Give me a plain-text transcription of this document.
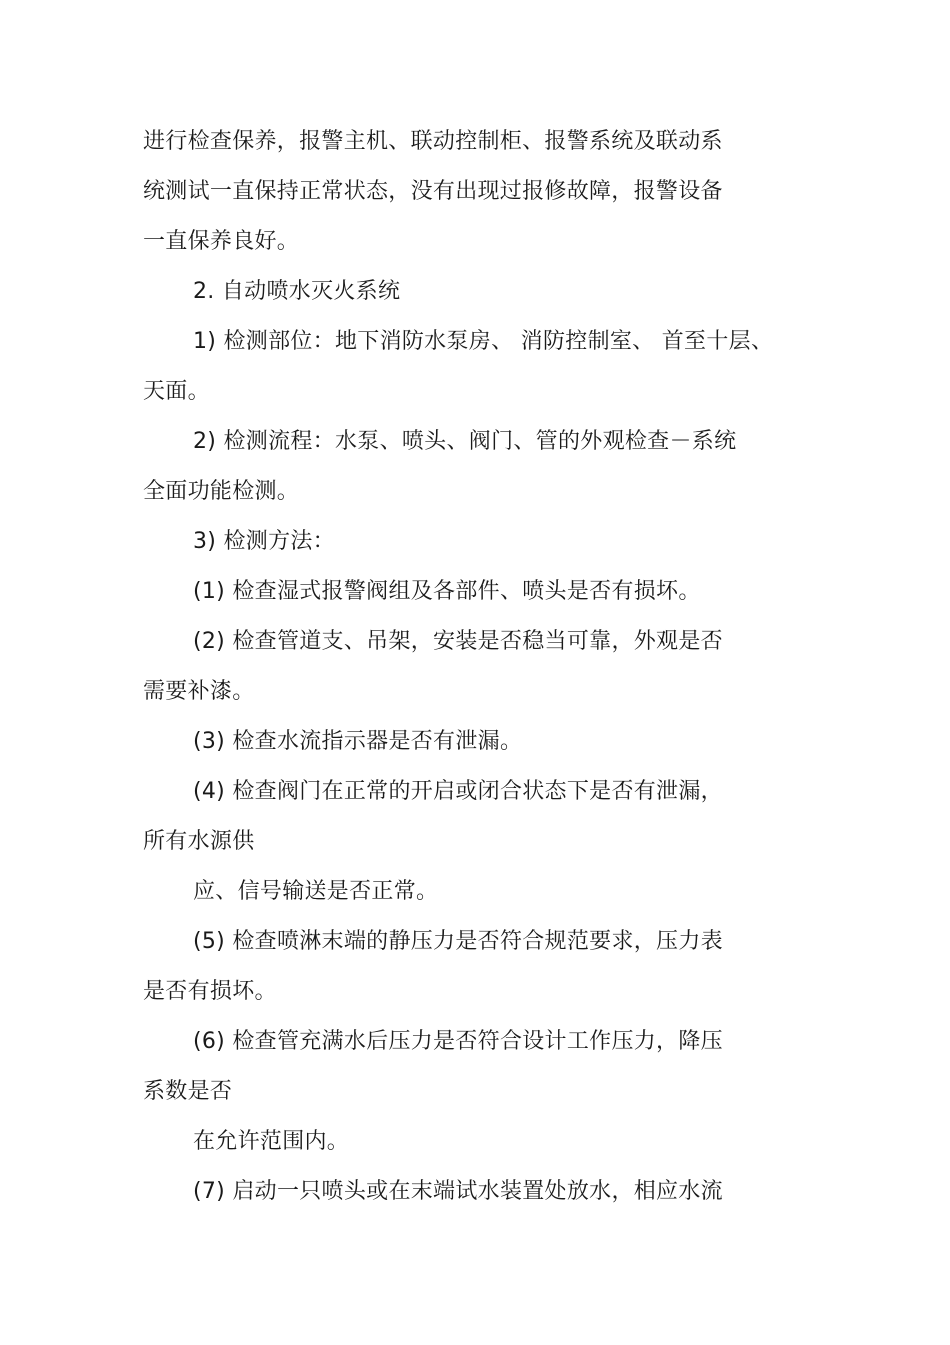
进行检查保养，报警主机、联动控制柜、报警系统及联动系
统测试一直保持正常状态，没有出现过报修故障，报警设备
一直保养良好。
2. 自动喷水灭火系统
1) 检测部位：地下消防水泵房、 消防控制室、 首至十层、
天面。
2) 检测流程：水泵、喷头、阀门、管的外观检查－系统
全面功能检测。
3) 检测方法：
(1) 检查湿式报警阀组及各部件、喷头是否有损坏。
(2) 检查管道支、吊架，安装是否稳当可靠，外观是否
需要补漆。
(3) 检查水流指示器是否有泄漏。
(4) 检查阀门在正常的开启或闭合状态下是否有泄漏，
所有水源供
应、信号输送是否正常。
(5) 检查喷淋末端的静压力是否符合规范要求，压力表
是否有损坏。
(6) 检查管充满水后压力是否符合设计工作压力，降压
系数是否
在允许范围内。
(7) 启动一只喷头或在末端试水装置处放水，相应水流
